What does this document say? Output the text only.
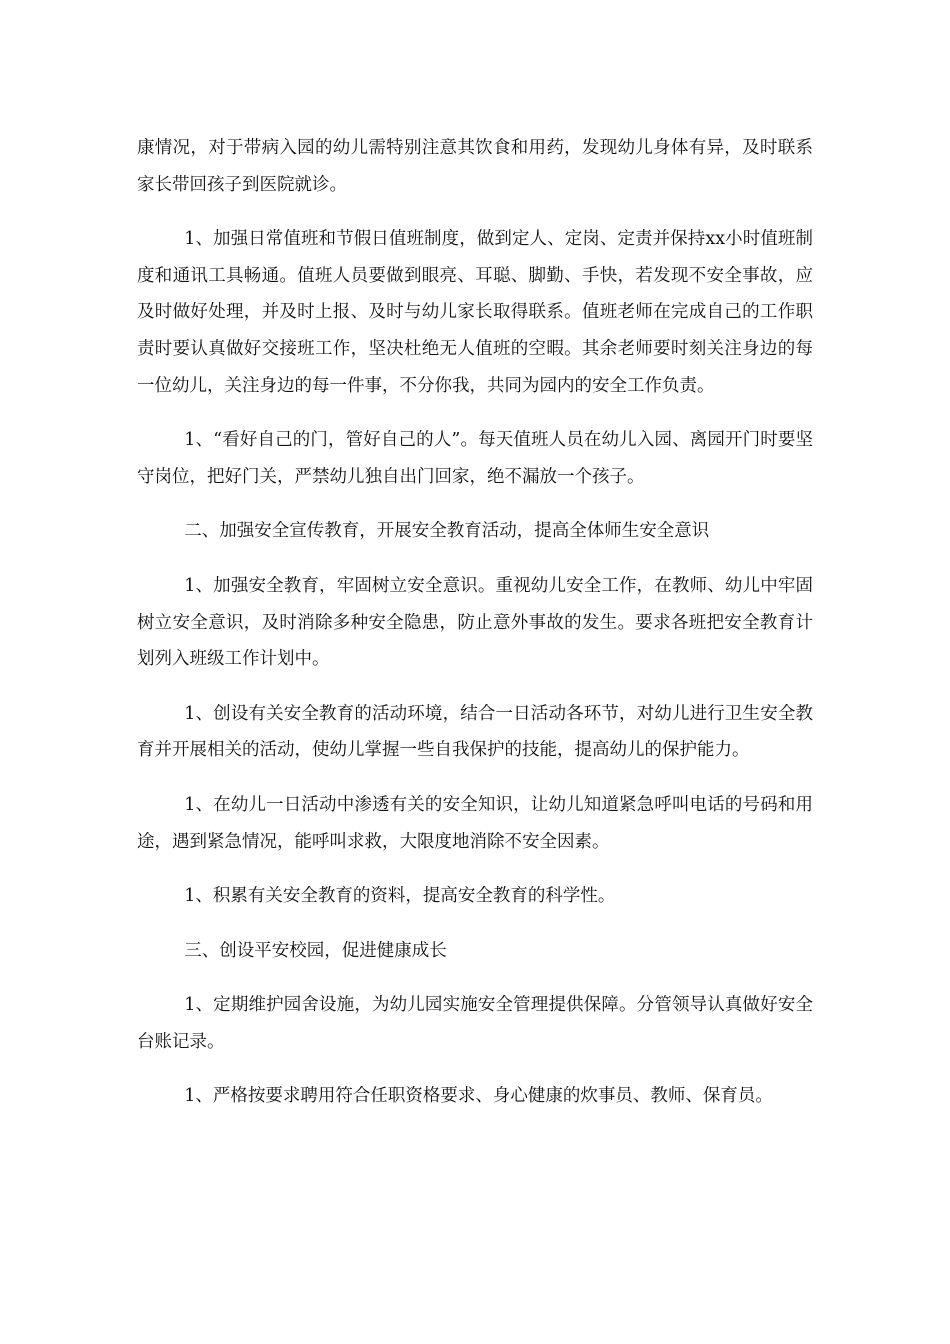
康情况，对于带病入园的幼儿需特别注意其饮食和用药，发现幼儿身体有异，及时联系家长带回孩子到医院就诊。

1、加强日常值班和节假日值班制度，做到定人、定岗、定责并保持xx小时值班制度和通讯工具畅通。值班人员要做到眼亮、耳聪、脚勤、手快，若发现不安全事故，应及时做好处理，并及时上报、及时与幼儿家长取得联系。值班老师在完成自己的工作职责时要认真做好交接班工作，坚决杜绝无人值班的空暇。其余老师要时刻关注身边的每一位幼儿，关注身边的每一件事，不分你我，共同为园内的安全工作负责。

1、“看好自己的门，管好自己的人”。每天值班人员在幼儿入园、离园开门时要坚守岗位，把好门关，严禁幼儿独自出门回家，绝不漏放一个孩子。

二、加强安全宣传教育，开展安全教育活动，提高全体师生安全意识

1、加强安全教育，牢固树立安全意识。重视幼儿安全工作，在教师、幼儿中牢固树立安全意识，及时消除多种安全隐患，防止意外事故的发生。要求各班把安全教育计划列入班级工作计划中。

1、创设有关安全教育的活动环境，结合一日活动各环节，对幼儿进行卫生安全教育并开展相关的活动，使幼儿掌握一些自我保护的技能，提高幼儿的保护能力。

1、在幼儿一日活动中渗透有关的安全知识，让幼儿知道紧急呼叫电话的号码和用途，遇到紧急情况，能呼叫求救，大限度地消除不安全因素。

1、积累有关安全教育的资料，提高安全教育的科学性。

三、创设平安校园，促进健康成长

1、定期维护园舍设施，为幼儿园实施安全管理提供保障。分管领导认真做好安全台账记录。

1、严格按要求聘用符合任职资格要求、身心健康的炊事员、教师、保育员。
